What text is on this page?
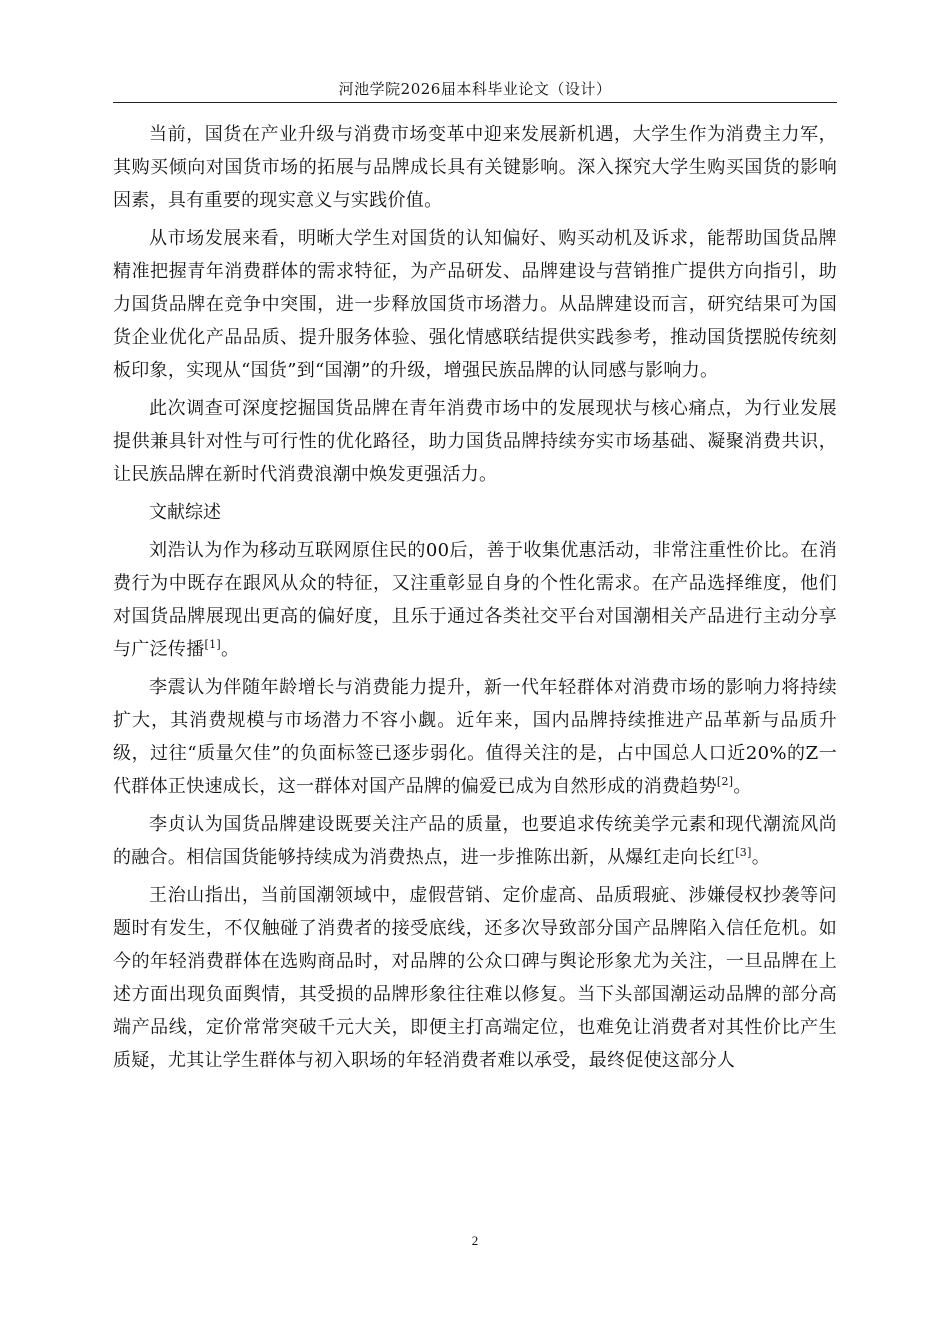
河池学院2026届本科毕业论文（设计）

当前，国货在产业升级与消费市场变革中迎来发展新机遇，大学生作为消费主力军，其购买倾向对国货市场的拓展与品牌成长具有关键影响。深入探究大学生购买国货的影响因素，具有重要的现实意义与实践价值。

从市场发展来看，明晰大学生对国货的认知偏好、购买动机及诉求，能帮助国货品牌精准把握青年消费群体的需求特征，为产品研发、品牌建设与营销推广提供方向指引，助力国货品牌在竞争中突围，进一步释放国货市场潜力。从品牌建设而言，研究结果可为国货企业优化产品品质、提升服务体验、强化情感联结提供实践参考，推动国货摆脱传统刻板印象，实现从“国货”到“国潮”的升级，增强民族品牌的认同感与影响力。

此次调查可深度挖掘国货品牌在青年消费市场中的发展现状与核心痛点，为行业发展提供兼具针对性与可行性的优化路径，助力国货品牌持续夯实市场基础、凝聚消费共识，让民族品牌在新时代消费浪潮中焕发更强活力。

文献综述

刘浩认为作为移动互联网原住民的00后，善于收集优惠活动，非常注重性价比。在消费行为中既存在跟风从众的特征，又注重彰显自身的个性化需求。在产品选择维度，他们对国货品牌展现出更高的偏好度，且乐于通过各类社交平台对国潮相关产品进行主动分享与广泛传播[1]。

李震认为伴随年龄增长与消费能力提升，新一代年轻群体对消费市场的影响力将持续扩大，其消费规模与市场潜力不容小觑。近年来，国内品牌持续推进产品革新与品质升级，过往“质量欠佳”的负面标签已逐步弱化。值得关注的是，占中国总人口近20%的Z一代群体正快速成长，这一群体对国产品牌的偏爱已成为自然形成的消费趋势[2]。

李贞认为国货品牌建设既要关注产品的质量，也要追求传统美学元素和现代潮流风尚的融合。相信国货能够持续成为消费热点，进一步推陈出新，从爆红走向长红[3]。

王治山指出，当前国潮领域中，虚假营销、定价虚高、品质瑕疵、涉嫌侵权抄袭等问题时有发生，不仅触碰了消费者的接受底线，还多次导致部分国产品牌陷入信任危机。如今的年轻消费群体在选购商品时，对品牌的公众口碑与舆论形象尤为关注，一旦品牌在上述方面出现负面舆情，其受损的品牌形象往往难以修复。当下头部国潮运动品牌的部分高端产品线，定价常常突破千元大关，即便主打高端定位，也难免让消费者对其性价比产生质疑，尤其让学生群体与初入职场的年轻消费者难以承受，最终促使这部分人

2
